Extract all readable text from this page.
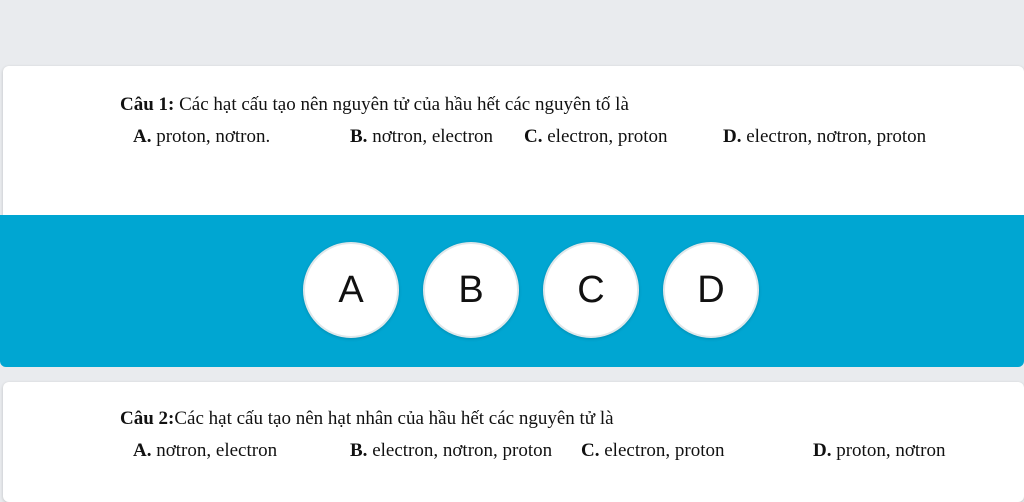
Câu 1: Các hạt cấu tạo nên nguyên tử của hầu hết các nguyên tố là
A. proton, nơtron.	B. nơtron, electron C. electron, proton	D. electron, nơtron, proton
A	B	C	D
Câu 2:Các hạt cấu tạo nên hạt nhân của hầu hết các nguyên tử là
A. nơtron, electron	B. electron, nơtron, proton C. electron, proton	D. proton, nơtron
